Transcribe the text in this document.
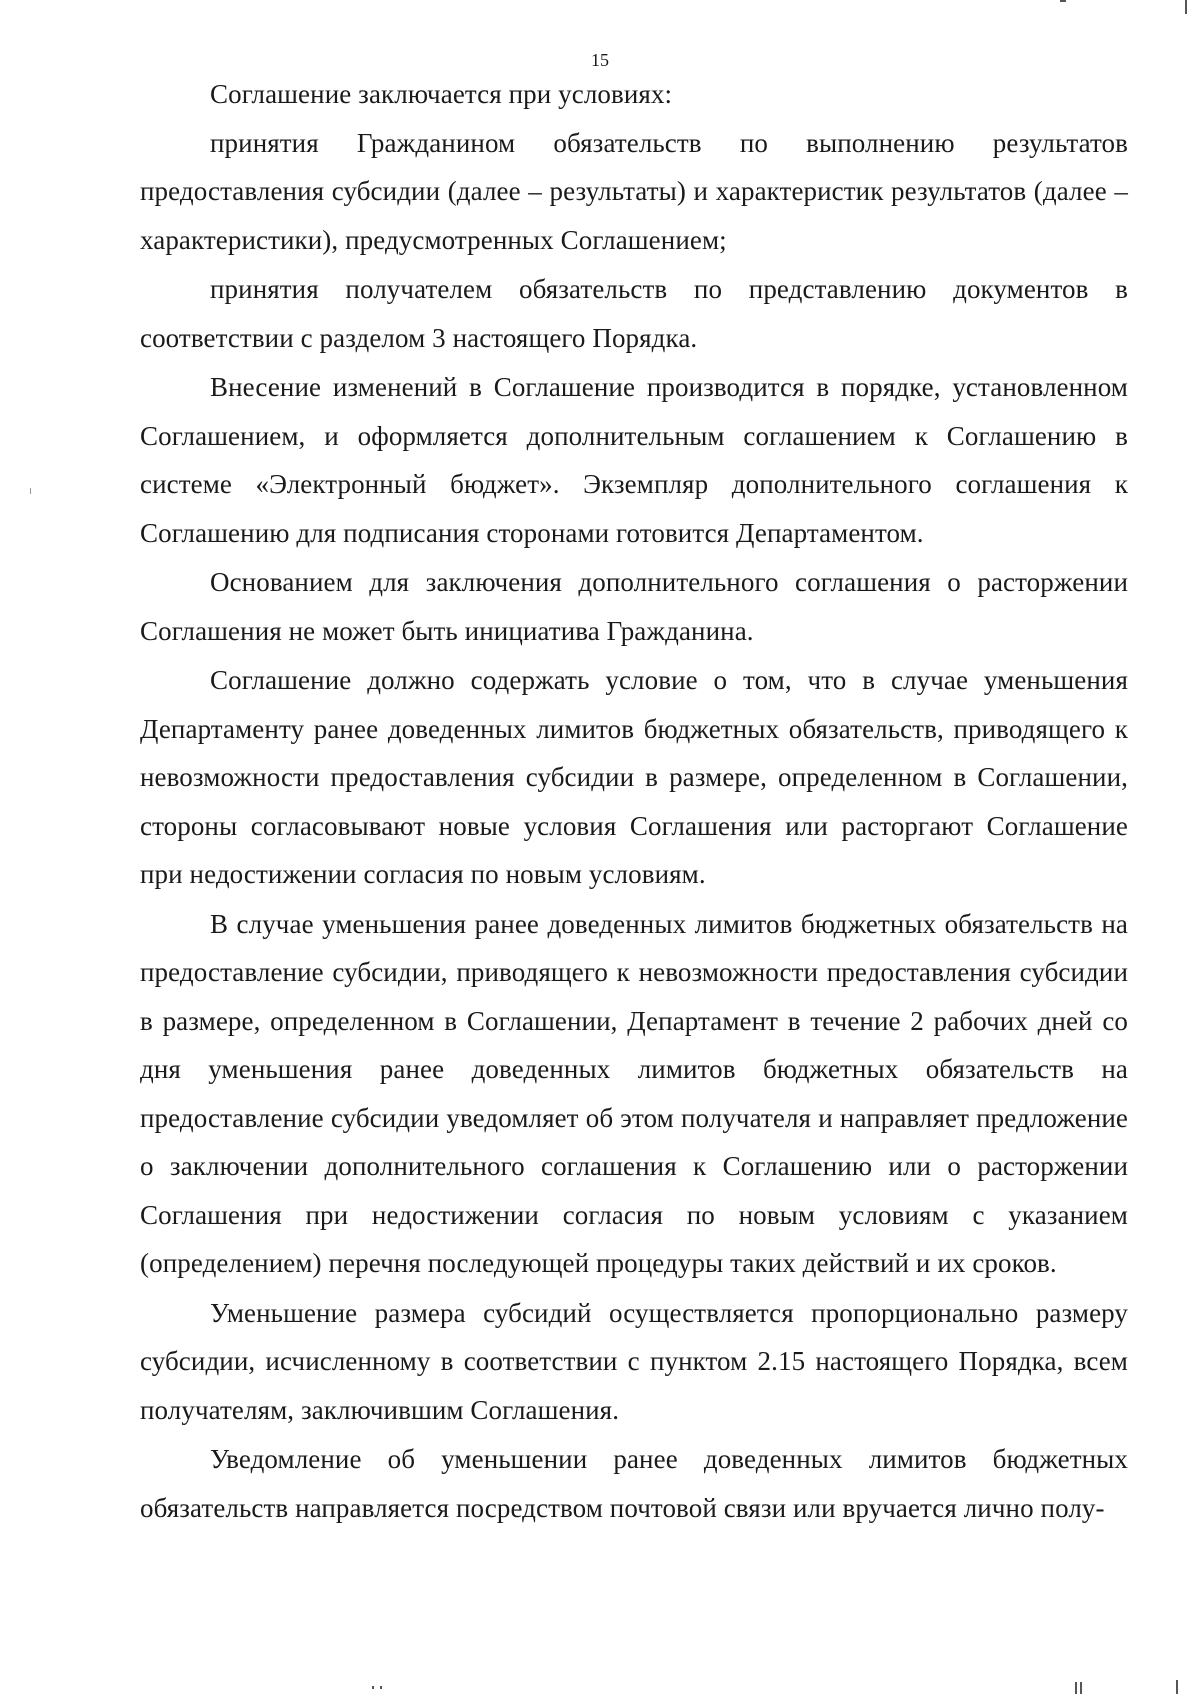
15

Соглашение заключается при условиях:

принятия Гражданином обязательств по выполнению результатов предоставления субсидии (далее – результаты) и характеристик результатов (далее – характеристики), предусмотренных Соглашением;

принятия получателем обязательств по представлению документов в соответствии с разделом 3 настоящего Порядка.

Внесение изменений в Соглашение производится в порядке, установленном Соглашением, и оформляется дополнительным соглашением к Соглашению в системе «Электронный бюджет». Экземпляр дополнительного соглашения к Соглашению для подписания сторонами готовится Департаментом.

Основанием для заключения дополнительного соглашения о расторжении Соглашения не может быть инициатива Гражданина.

Соглашение должно содержать условие о том, что в случае уменьшения Департаменту ранее доведенных лимитов бюджетных обязательств, приводящего к невозможности предоставления субсидии в размере, определенном в Соглашении, стороны согласовывают новые условия Соглашения или расторгают Соглашение при недостижении согласия по новым условиям.

В случае уменьшения ранее доведенных лимитов бюджетных обязательств на предоставление субсидии, приводящего к невозможности предоставления субсидии в размере, определенном в Соглашении, Департамент в течение 2 рабочих дней со дня уменьшения ранее доведенных лимитов бюджетных обязательств на предоставление субсидии уведомляет об этом получателя и направляет предложение о заключении дополнительного соглашения к Соглашению или о расторжении Соглашения при недостижении согласия по новым условиям с указанием (определением) перечня последующей процедуры таких действий и их сроков.

Уменьшение размера субсидий осуществляется пропорционально размеру субсидии, исчисленному в соответствии с пунктом 2.15 настоящего Порядка, всем получателям, заключившим Соглашения.

Уведомление об уменьшении ранее доведенных лимитов бюджетных обязательств направляется посредством почтовой связи или вручается лично полу-
